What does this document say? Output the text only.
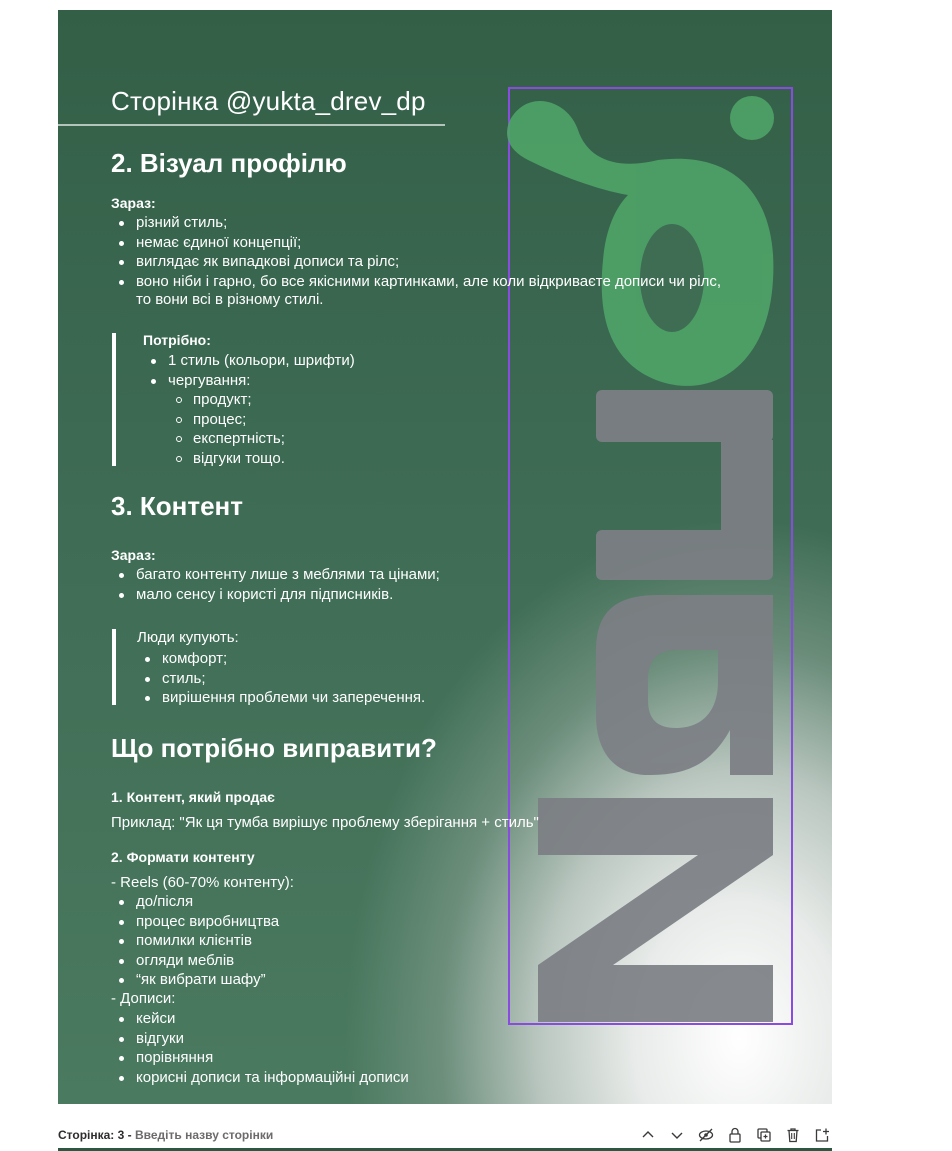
Сторінка @yukta_drev_dp
2. Візуал профілю

Зараз:

різний стиль;
немає єдиної концепції;
виглядає як випадкові дописи та рілс;
воно ніби і гарно, бо все якісними картинками, але коли відкриваєте дописи чи рілс,

то вони всі в різному стилі.

Потрібно:

1 стиль (кольори, шрифти)
чергування:
продукт;
процес;
експертність;
відгуки тощо.
3. Контент

Зараз:

багато контенту лише з меблями та цінами;
мало сенсу і користі для підписників.

Люди купують:

комфорт;
стиль;
вирішення проблеми чи заперечення.
Що потрібно виправити?

1. Контент, який продає

Приклад: "Як ця тумба вирішує проблему зберігання + стиль"

2. Формати контенту

- Reels (60-70% контенту):

до/після
процес виробництва
помилки клієнтів
огляди меблів
“як вибрати шафу”

- Дописи:

кейси
відгуки
порівняння
корисні дописи та інформаційні дописи
Сторінка: 3 - Введіть назву сторінки
